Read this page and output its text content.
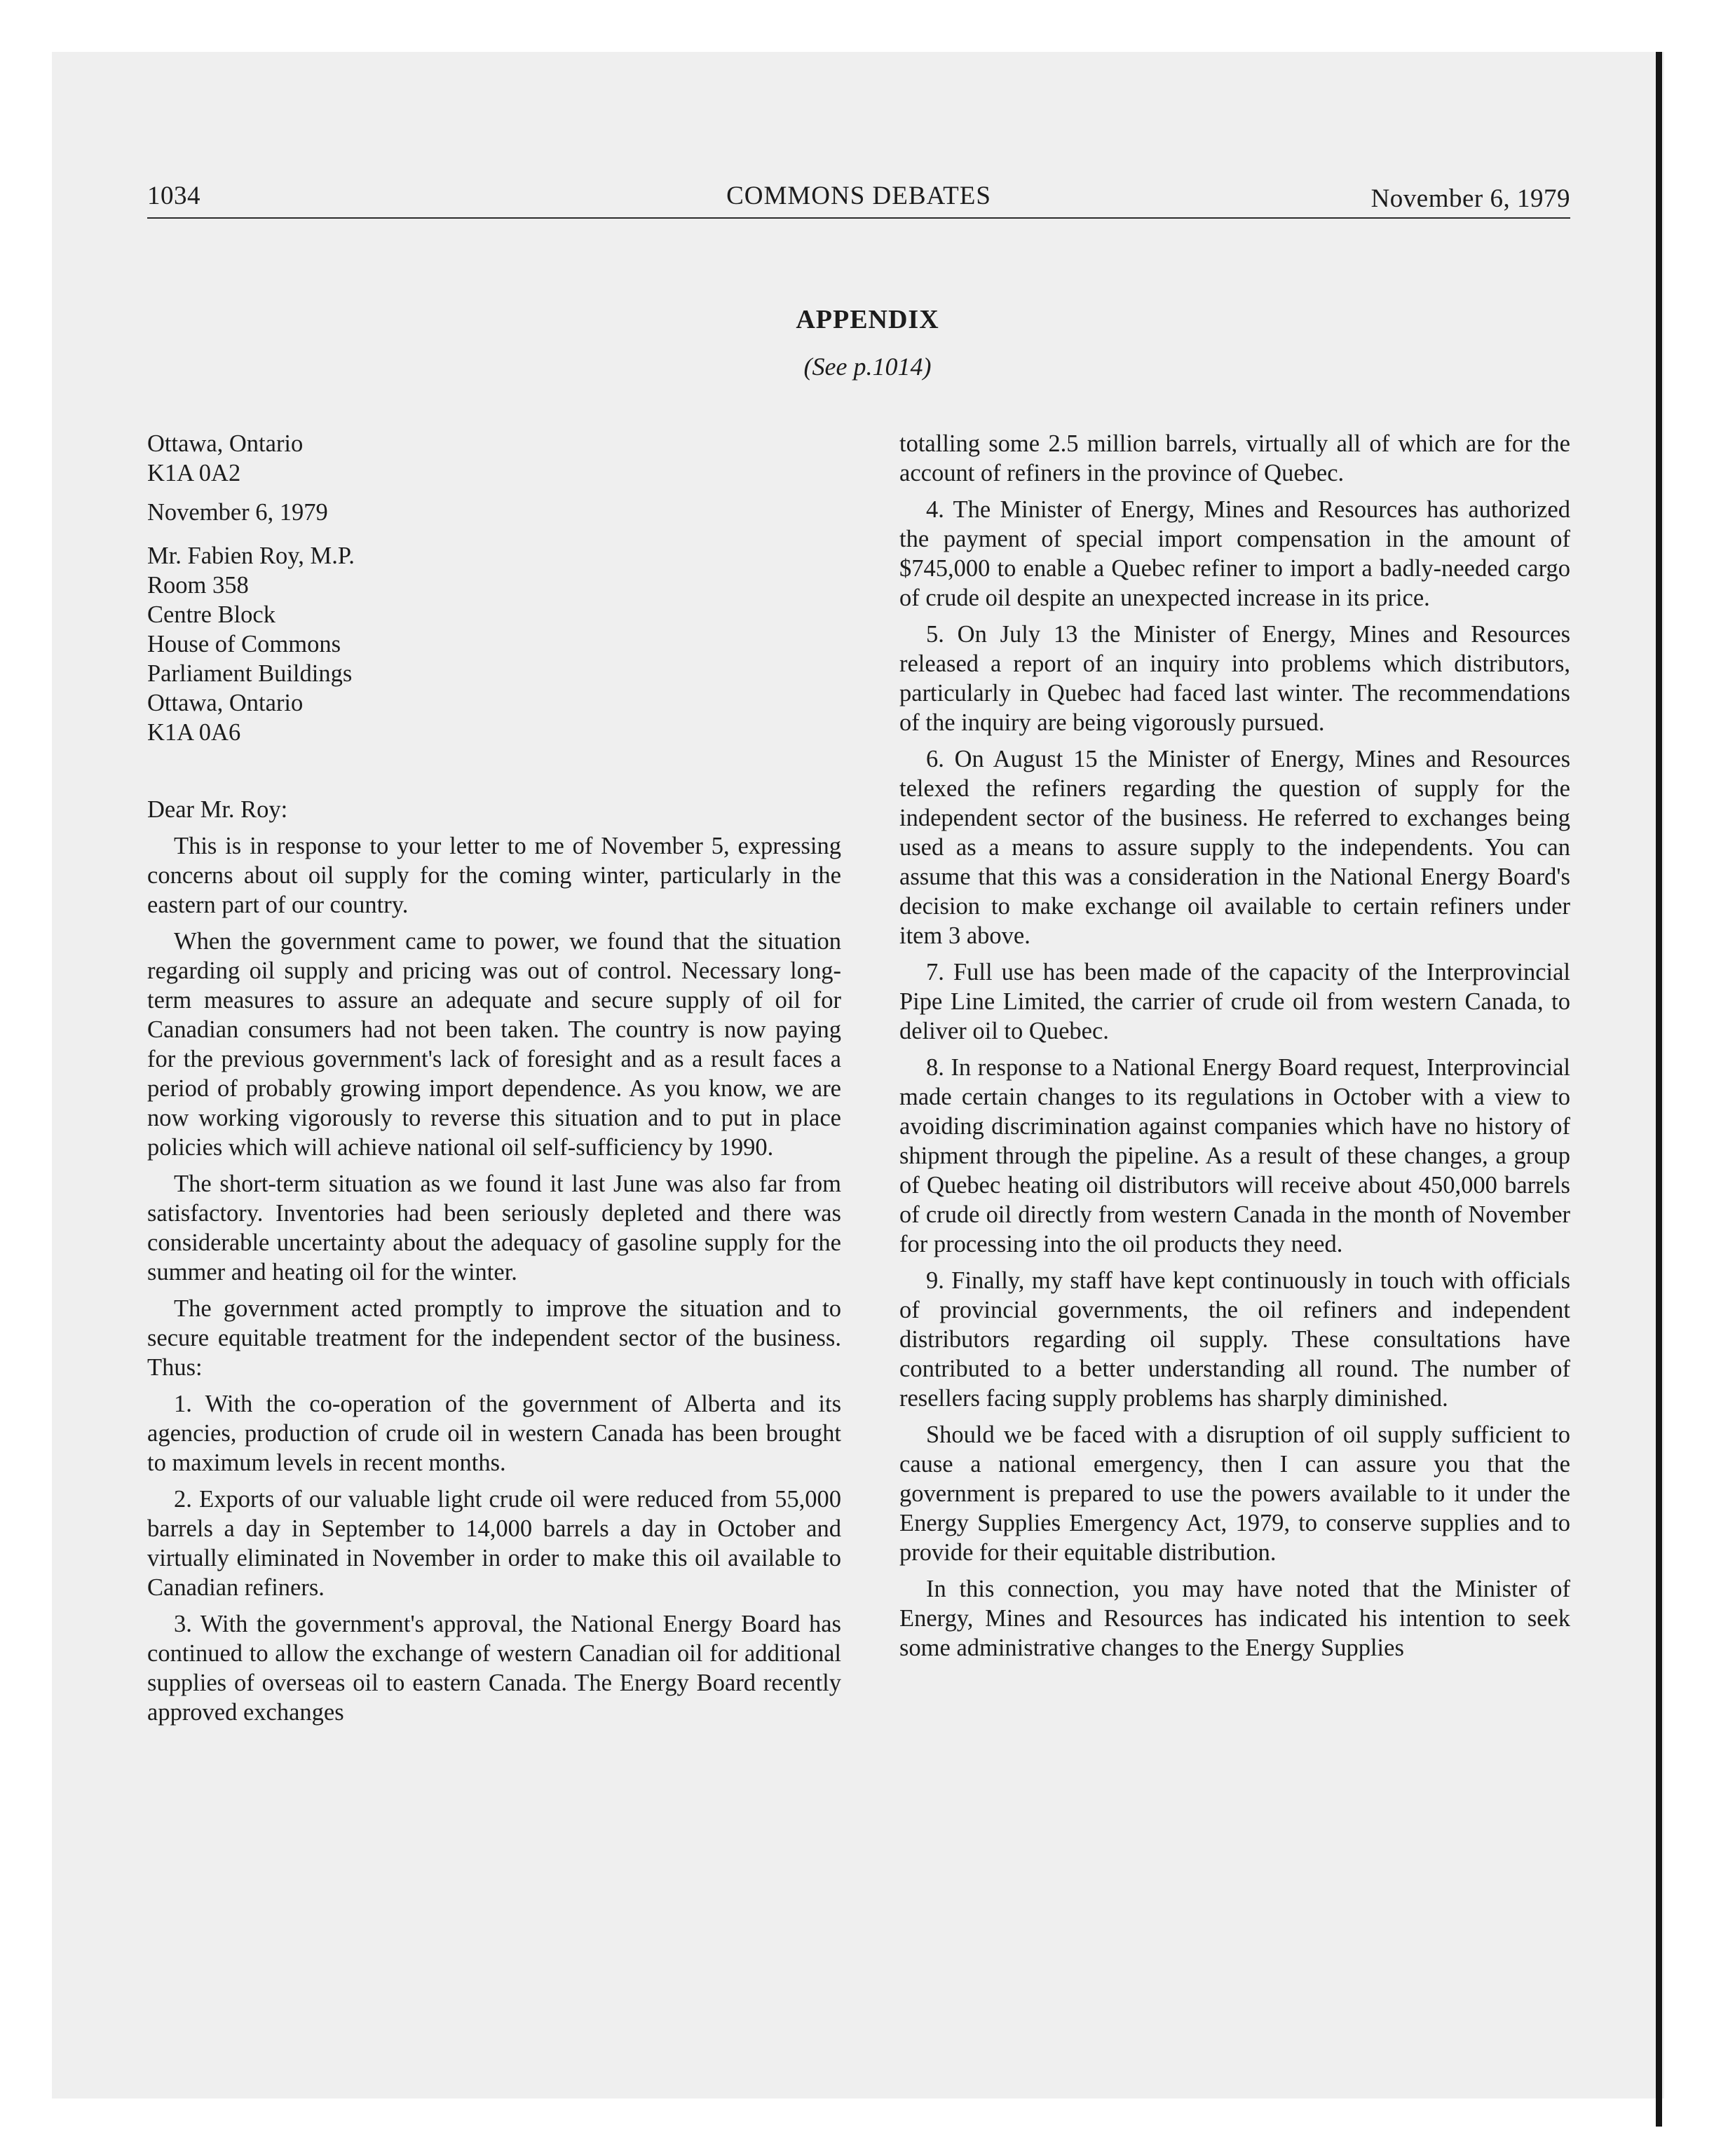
1034	COMMONS DEBATES	November 6, 1979
APPENDIX
(See p.1014)
Ottawa, Ontario
K1A 0A2
November 6, 1979
Mr. Fabien Roy, M.P.
Room 358
Centre Block
House of Commons
Parliament Buildings
Ottawa, Ontario
K1A 0A6

Dear Mr. Roy:

This is in response to your letter to me of November 5, expressing concerns about oil supply for the coming winter, particularly in the eastern part of our country.

When the government came to power, we found that the situation regarding oil supply and pricing was out of control. Necessary long-term measures to assure an adequate and secure supply of oil for Canadian consumers had not been taken. The country is now paying for the previous government's lack of foresight and as a result faces a period of probably growing import dependence. As you know, we are now working vigorously to reverse this situation and to put in place policies which will achieve national oil self-sufficiency by 1990.

The short-term situation as we found it last June was also far from satisfactory. Inventories had been seriously depleted and there was considerable uncertainty about the adequacy of gasoline supply for the summer and heating oil for the winter.

The government acted promptly to improve the situation and to secure equitable treatment for the independent sector of the business. Thus:

1. With the co-operation of the government of Alberta and its agencies, production of crude oil in western Canada has been brought to maximum levels in recent months.

2. Exports of our valuable light crude oil were reduced from 55,000 barrels a day in September to 14,000 barrels a day in October and virtually eliminated in November in order to make this oil available to Canadian refiners.

3. With the government's approval, the National Energy Board has continued to allow the exchange of western Canadian oil for additional supplies of overseas oil to eastern Canada. The Energy Board recently approved exchanges

totalling some 2.5 million barrels, virtually all of which are for the account of refiners in the province of Quebec.

4. The Minister of Energy, Mines and Resources has authorized the payment of special import compensation in the amount of $745,000 to enable a Quebec refiner to import a badly-needed cargo of crude oil despite an unexpected increase in its price.

5. On July 13 the Minister of Energy, Mines and Resources released a report of an inquiry into problems which distributors, particularly in Quebec had faced last winter. The recommendations of the inquiry are being vigorously pursued.

6. On August 15 the Minister of Energy, Mines and Resources telexed the refiners regarding the question of supply for the independent sector of the business. He referred to exchanges being used as a means to assure supply to the independents. You can assume that this was a consideration in the National Energy Board's decision to make exchange oil available to certain refiners under item 3 above.

7. Full use has been made of the capacity of the Interprovincial Pipe Line Limited, the carrier of crude oil from western Canada, to deliver oil to Quebec.

8. In response to a National Energy Board request, Interprovincial made certain changes to its regulations in October with a view to avoiding discrimination against companies which have no history of shipment through the pipeline. As a result of these changes, a group of Quebec heating oil distributors will receive about 450,000 barrels of crude oil directly from western Canada in the month of November for processing into the oil products they need.

9. Finally, my staff have kept continuously in touch with officials of provincial governments, the oil refiners and independent distributors regarding oil supply. These consultations have contributed to a better understanding all round. The number of resellers facing supply problems has sharply diminished.

Should we be faced with a disruption of oil supply sufficient to cause a national emergency, then I can assure you that the government is prepared to use the powers available to it under the Energy Supplies Emergency Act, 1979, to conserve supplies and to provide for their equitable distribution.

In this connection, you may have noted that the Minister of Energy, Mines and Resources has indicated his intention to seek some administrative changes to the Energy Supplies
